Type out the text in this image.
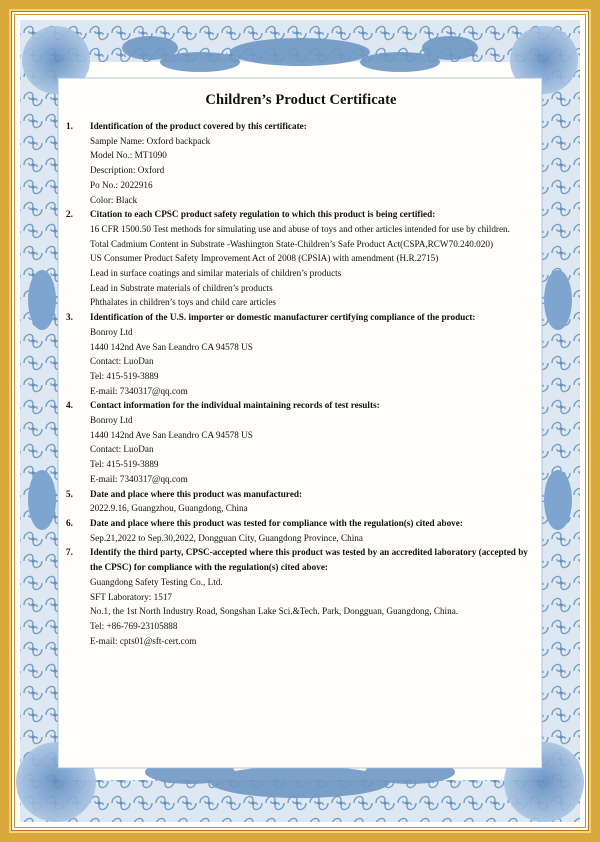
Children’s Product Certificate
1.	Identification of the product covered by this certificate:
Sample Name: Oxford backpack
Model No.: MT1090
Description: Oxford
Po No.: 2022916
Color: Black
2.	Citation to each CPSC product safety regulation to which this product is being certified:
16 CFR 1500.50 Test methods for simulating use and abuse of toys and other articles intended for use by children.
Total Cadmium Content in Substrate -Washington State-Children’s Safe Product Act(CSPA,RCW70.240.020)
US Consumer Product Safety Improvement Act of 2008 (CPSIA) with amendment (H.R.2715)
Lead in surface coatings and similar materials of children’s products
Lead in Substrate materials of children’s products
Phthalates in children’s toys and child care articles
3.	Identification of the U.S. importer or domestic manufacturer certifying compliance of the product:
Bonroy Ltd
1440 142nd Ave San Leandro CA 94578 US
Contact: LuoDan
Tel: 415-519-3889
E-mail: 7340317@qq.com
4.	Contact information for the individual maintaining records of test results:
Bonroy Ltd
1440 142nd Ave San Leandro CA 94578 US
Contact: LuoDan
Tel: 415-519-3889
E-mail: 7340317@qq.com
5.	Date and place where this product was manufactured:
2022.9.16, Guangzhou, Guangdong, China
6.	Date and place where this product was tested for compliance with the regulation(s) cited above:
Sep.21,2022 to Sep.30,2022, Dongguan City, Guangdong Province, China
7.	Identify the third party, CPSC-accepted where this product was tested by an accredited laboratory (accepted by the CPSC) for compliance with the regulation(s) cited above:
Guangdong Safety Testing Co., Ltd.
SFT Laboratory: 1517
No.1, the 1st North Industry Road, Songshan Lake Sci.&Tech. Park, Dongguan, Guangdong, China.
Tel: +86-769-23105888
E-mail: cpts01@sft-cert.com
